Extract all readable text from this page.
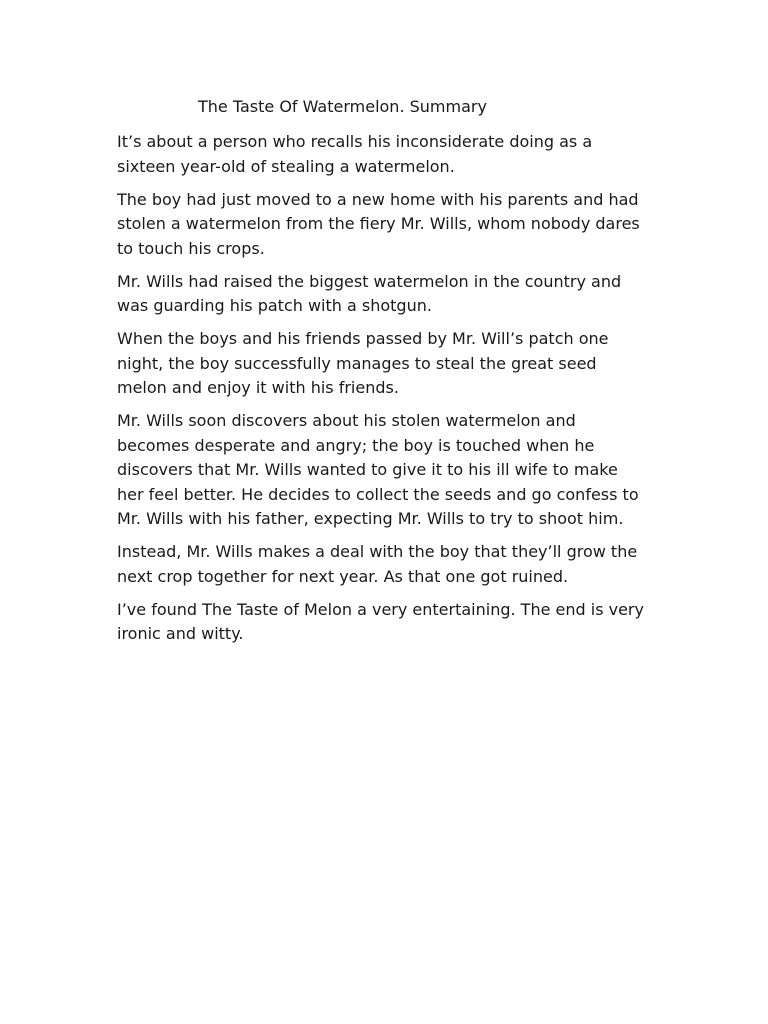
The Taste Of Watermelon. Summary

It’s about a person who recalls his inconsiderate doing as a sixteen year-old of stealing a watermelon.

The boy had just moved to a new home with his parents and had stolen a watermelon from the fiery Mr. Wills, whom nobody dares to touch his crops.

Mr. Wills had raised the biggest watermelon in the country and was guarding his patch with a shotgun.

When the boys and his friends passed by Mr. Will’s patch one night, the boy successfully manages to steal the great seed melon and enjoy it with his friends.

Mr. Wills soon discovers about his stolen watermelon and becomes desperate and angry; the boy is touched when he discovers that Mr. Wills wanted to give it to his ill wife to make her feel better. He decides to collect the seeds and go confess to Mr. Wills with his father, expecting Mr. Wills to try to shoot him.

Instead, Mr. Wills makes a deal with the boy that they’ll grow the next crop together for next year. As that one got ruined.

I’ve found The Taste of Melon a very entertaining. The end is very ironic and witty.
